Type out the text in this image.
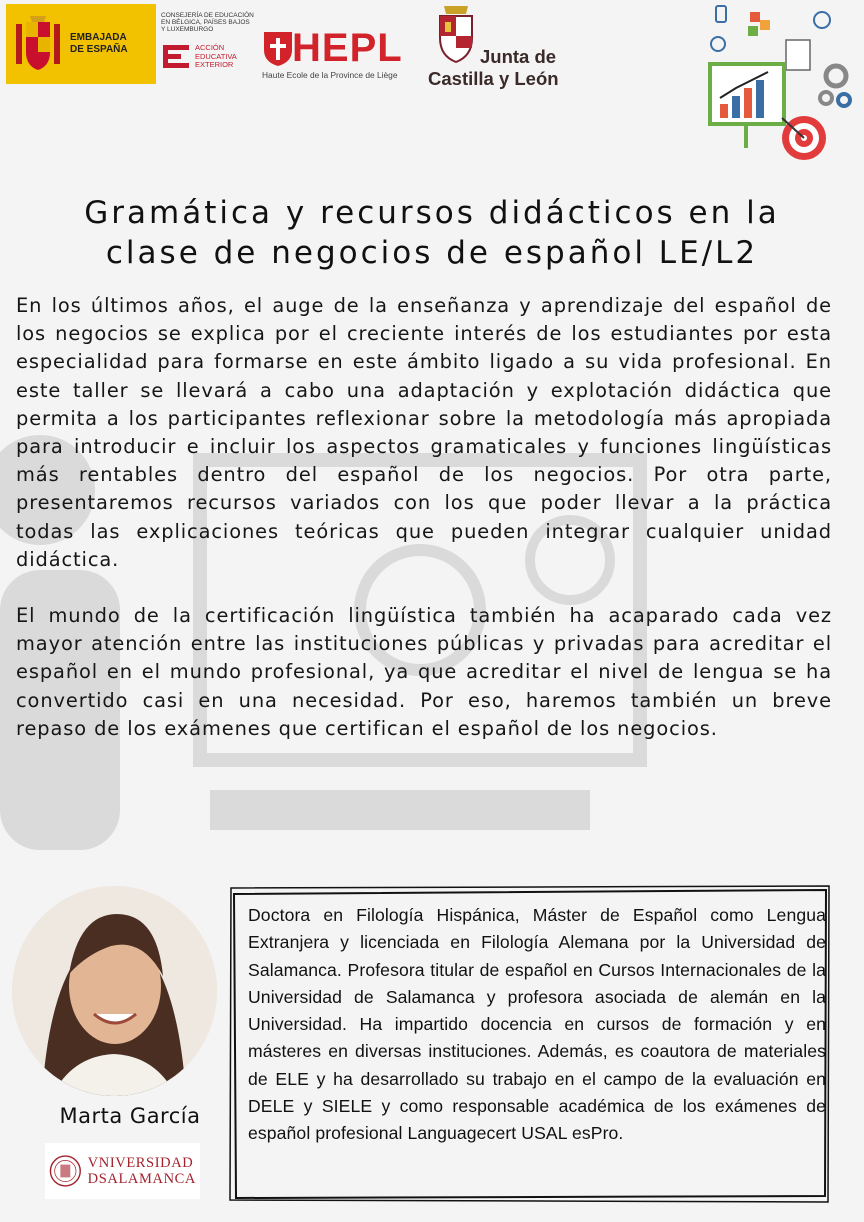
EMBAJADA
DE ESPAÑA
CONSEJERÍA DE EDUCACIÓN
EN BÉLGICA, PAÍSES BAJOS
Y LUXEMBURGO
ACCIÓN
EDUCATIVA
EXTERIOR HEPL
Haute Ecole de la Province de Liège
Junta de
Castilla y León
Gramática y recursos didácticos en la
clase de negocios de español LE/L2

En los últimos años, el auge de la enseñanza y aprendizaje del español de los negocios se explica por el creciente interés de los estudiantes por esta especialidad para formarse en este ámbito ligado a su vida profesional. En este taller se llevará a cabo una adaptación y explotación didáctica que permita a los participantes reflexionar sobre la metodología más apropiada para introducir e incluir los aspectos gramaticales y funciones lingüísticas más rentables dentro del español de los negocios. Por otra parte, presentaremos recursos variados con los que poder llevar a la práctica todas las explicaciones teóricas que pueden integrar cualquier unidad didáctica.

El mundo de la certificación lingüística también ha acaparado cada vez mayor atención entre las instituciones públicas y privadas para acreditar el español en el mundo profesional, ya que acreditar el nivel de lengua se ha convertido casi en una necesidad. Por eso, haremos también un breve repaso de los exámenes que certifican el español de los negocios.

Marta García
VNIVERSIDAD
DSALAMANCA
Doctora en Filología Hispánica, Máster de Español como Lengua Extranjera y licenciada en Filología Alemana por la Universidad de Salamanca. Profesora titular de español en Cursos Internacionales de la Universidad de Salamanca y profesora asociada de alemán en la Universidad. Ha impartido docencia en cursos de formación y en másteres en diversas instituciones. Además, es coautora de materiales de ELE y ha desarrollado su trabajo en el campo de la evaluación en DELE y SIELE y como responsable académica de los exámenes de español profesional Languagecert USAL esPro.
